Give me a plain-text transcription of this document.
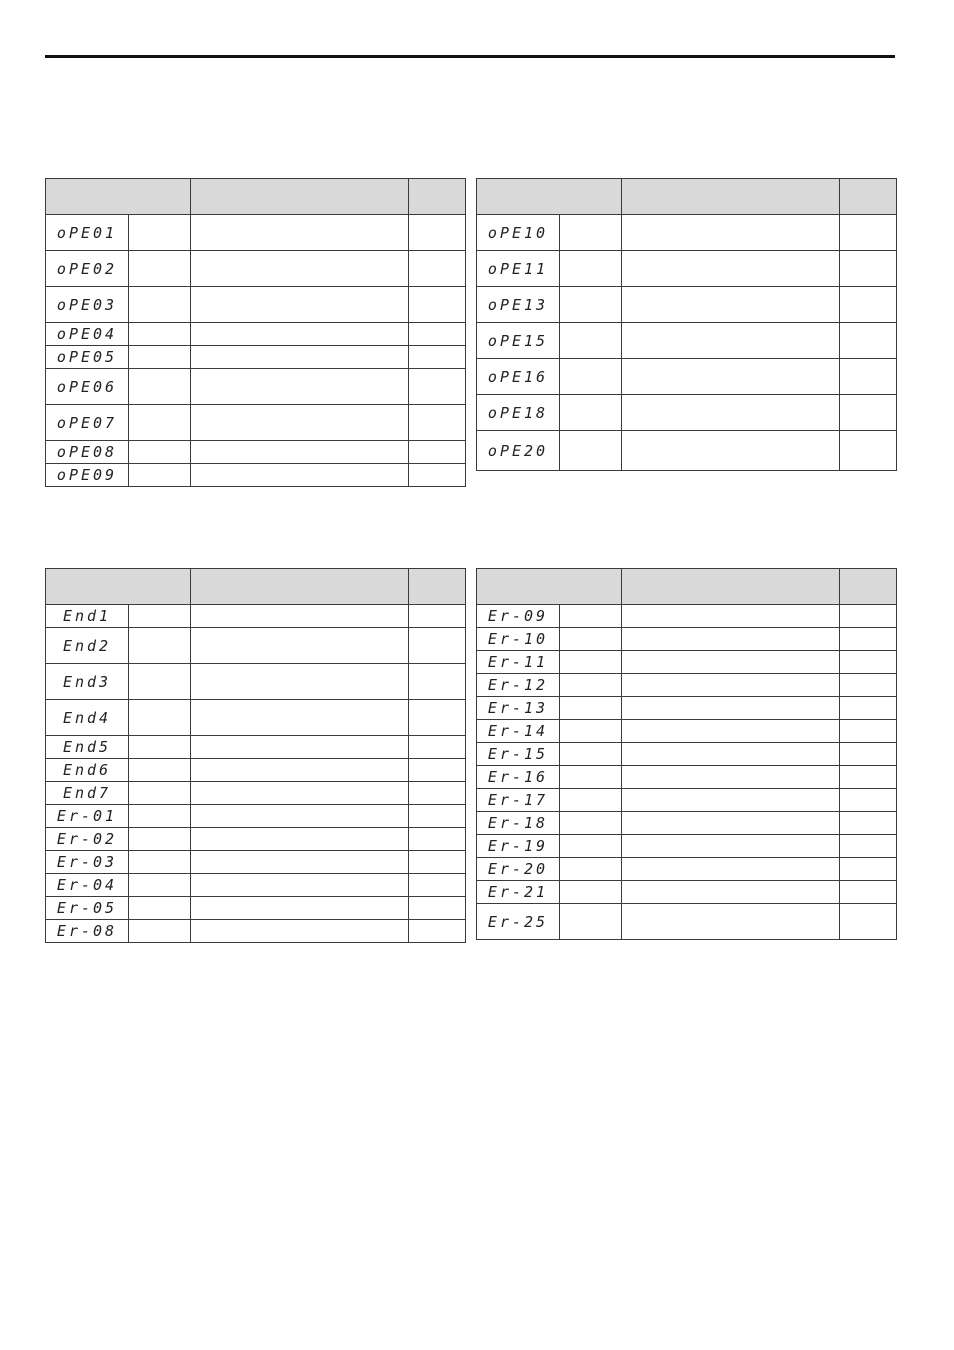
oPE01			
oPE02			
oPE03			
oPE04			
oPE05			
oPE06			
oPE07			
oPE08			
oPE09			

oPE10			
oPE11			
oPE13			
oPE15			
oPE16			
oPE18			
oPE20			

End1			
End2			
End3			
End4			
End5			
End6			
End7			
Er-01			
Er-02			
Er-03			
Er-04			
Er-05			
Er-08			

Er-09			
Er-10			
Er-11			
Er-12			
Er-13			
Er-14			
Er-15			
Er-16			
Er-17			
Er-18			
Er-19			
Er-20			
Er-21			
Er-25			
